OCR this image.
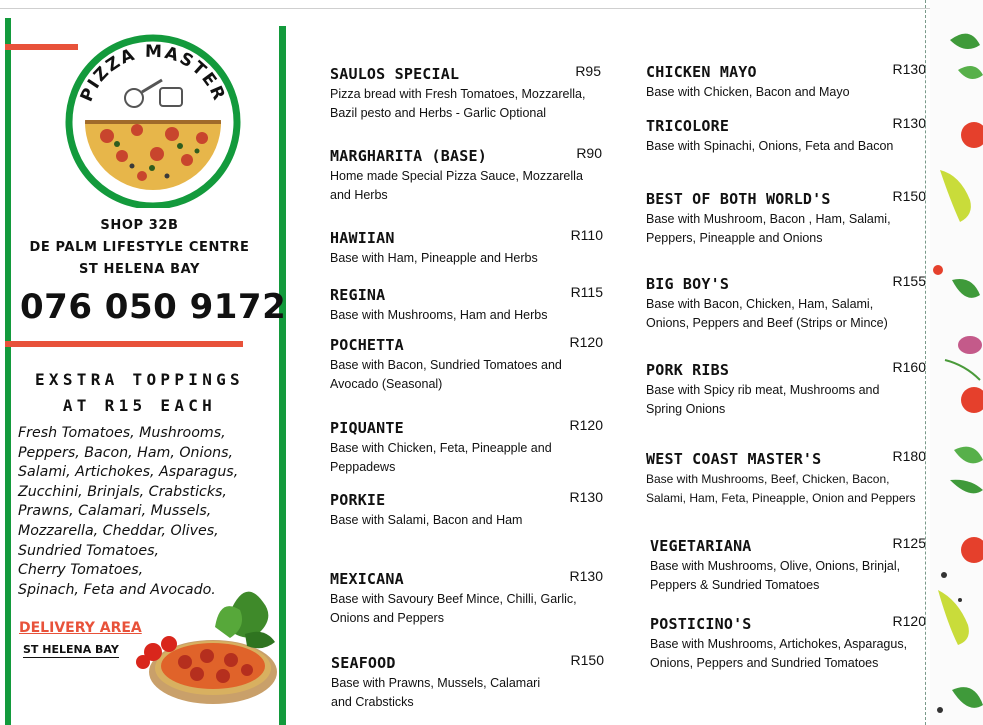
PIZZA MASTER
SHOP 32B
DE PALM LIFESTYLE CENTRE
ST HELENA BAY
076 050 9172
EXSTRA TOPPINGS
AT R15 EACH
Fresh Tomatoes, Mushrooms,
Peppers, Bacon, Ham, Onions,
Salami, Artichokes, Asparagus,
Zucchini, Brinjals, Crabsticks,
Prawns, Calamari, Mussels,
Mozzarella, Cheddar, Olives,
Sundried Tomatoes,
Cherry Tomatoes,
Spinach, Feta and Avocado.
DELIVERY AREA
ST HELENA BAY
SAULOS SPECIAL	R95
Pizza bread with Fresh Tomatoes, Mozzarella,
Bazil pesto and Herbs - Garlic Optional
MARGHARITA (BASE)	R90
Home made Special Pizza Sauce, Mozzarella
and Herbs
HAWIIAN	R110
Base with Ham, Pineapple and Herbs
REGINA	R115
Base with Mushrooms, Ham and Herbs
POCHETTA	R120
Base with Bacon, Sundried Tomatoes and
Avocado (Seasonal)
PIQUANTE	R120
Base with Chicken, Feta, Pineapple and
Peppadews
PORKIE	R130
Base with Salami, Bacon and Ham
MEXICANA	R130
Base with Savoury Beef Mince, Chilli, Garlic,
Onions and Peppers
SEAFOOD	R150
Base with Prawns, Mussels, Calamari
and Crabsticks
CHICKEN MAYO	R130
Base with Chicken, Bacon and Mayo
TRICOLORE	R130
Base with Spinachi, Onions, Feta and Bacon
BEST OF BOTH WORLD'S	R150
Base with Mushroom, Bacon , Ham, Salami,
Peppers, Pineapple and Onions
BIG BOY'S	R155
Base with Bacon, Chicken, Ham, Salami,
Onions, Peppers and Beef (Strips or Mince)
PORK RIBS	R160
Base with Spicy rib meat, Mushrooms and
Spring Onions
WEST COAST MASTER'S	R180
Base with Mushrooms, Beef, Chicken, Bacon,
Salami, Ham, Feta, Pineapple, Onion and Peppers
VEGETARIANA	R125
Base with Mushrooms, Olive, Onions, Brinjal,
Peppers & Sundried Tomatoes
POSTICINO'S	R120
Base with Mushrooms, Artichokes, Asparagus,
Onions, Peppers and Sundried Tomatoes
